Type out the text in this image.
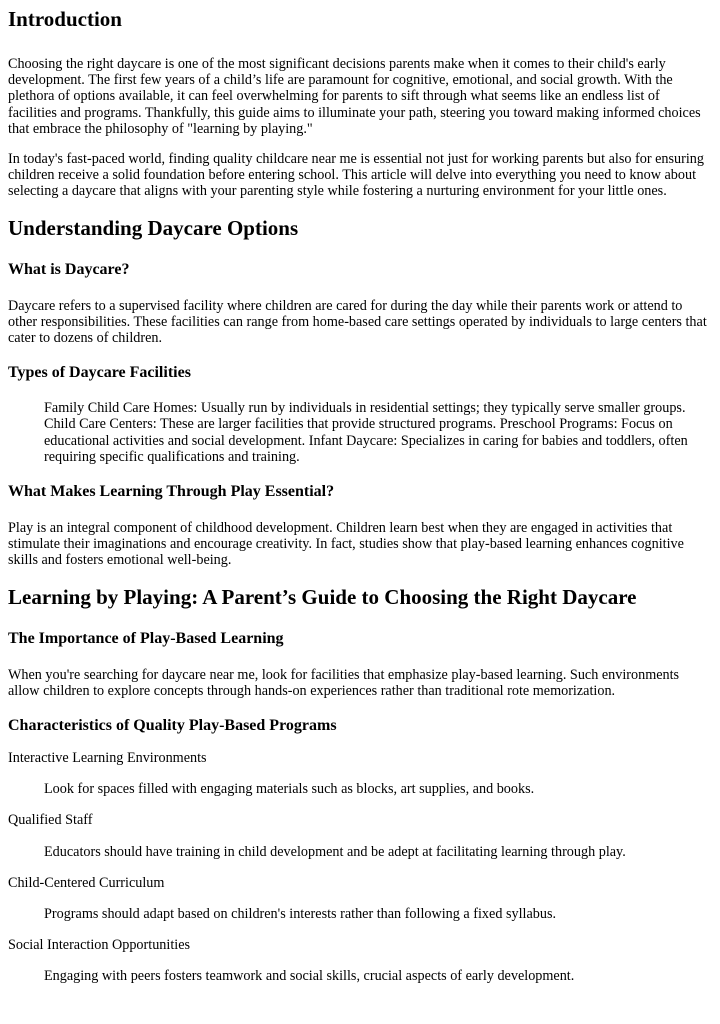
Introduction

Choosing the right daycare is one of the most significant decisions parents make when it comes to their child's early development. The first few years of a child’s life are paramount for cognitive, emotional, and social growth. With the plethora of options available, it can feel overwhelming for parents to sift through what seems like an endless list of facilities and programs. Thankfully, this guide aims to illuminate your path, steering you toward making informed choices that embrace the philosophy of "learning by playing."

In today's fast-paced world, finding quality childcare near me is essential not just for working parents but also for ensuring children receive a solid foundation before entering school. This article will delve into everything you need to know about selecting a daycare that aligns with your parenting style while fostering a nurturing environment for your little ones.

Understanding Daycare Options
What is Daycare?

Daycare refers to a supervised facility where children are cared for during the day while their parents work or attend to other responsibilities. These facilities can range from home-based care settings operated by individuals to large centers that cater to dozens of children.

Types of Daycare Facilities
Family Child Care Homes: Usually run by individuals in residential settings; they typically serve smaller groups. Child Care Centers: These are larger facilities that provide structured programs. Preschool Programs: Focus on educational activities and social development. Infant Daycare: Specializes in caring for babies and toddlers, often requiring specific qualifications and training.
What Makes Learning Through Play Essential?

Play is an integral component of childhood development. Children learn best when they are engaged in activities that stimulate their imaginations and encourage creativity. In fact, studies show that play-based learning enhances cognitive skills and fosters emotional well-being.

Learning by Playing: A Parent’s Guide to Choosing the Right Daycare
The Importance of Play-Based Learning

When you're searching for daycare near me, look for facilities that emphasize play-based learning. Such environments allow children to explore concepts through hands-on experiences rather than traditional rote memorization.

Characteristics of Quality Play-Based Programs

Interactive Learning Environments

Look for spaces filled with engaging materials such as blocks, art supplies, and books.

Qualified Staff

Educators should have training in child development and be adept at facilitating learning through play.

Child-Centered Curriculum

Programs should adapt based on children's interests rather than following a fixed syllabus.

Social Interaction Opportunities

Engaging with peers fosters teamwork and social skills, crucial aspects of early development.
